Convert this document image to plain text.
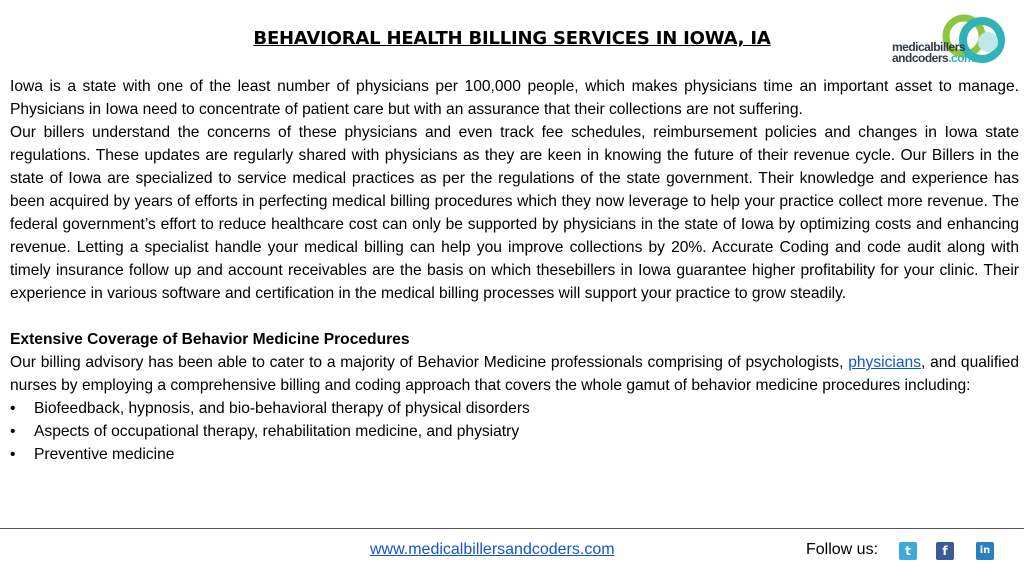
BEHAVIORAL HEALTH BILLING SERVICES IN IOWA, IA	medicalbillers
andcoders.com

Iowa is a state with one of the least number of physicians per 100,000 people, which makes physicians time an important asset to manage. Physicians in Iowa need to concentrate of patient care but with an assurance that their collections are not suffering.

Our billers understand the concerns of these physicians and even track fee schedules, reimbursement policies and changes in Iowa state regulations. These updates are regularly shared with physicians as they are keen in knowing the future of their revenue cycle. Our Billers in the state of Iowa are specialized to service medical practices as per the regulations of the state government. Their knowledge and experience has been acquired by years of efforts in perfecting medical billing procedures which they now leverage to help your practice collect more revenue. The federal government’s effort to reduce healthcare cost can only be supported by physicians in the state of Iowa by optimizing costs and enhancing revenue. Letting a specialist handle your medical billing can help you improve collections by 20%. Accurate Coding and code audit along with timely insurance follow up and account receivables are the basis on which thesebillers in Iowa guarantee higher profitability for your clinic. Their experience in various software and certification in the medical billing processes will support your practice to grow steadily.

Extensive Coverage of Behavior Medicine Procedures

Our billing advisory has been able to cater to a majority of Behavior Medicine professionals comprising of psychologists, physicians, and qualified nurses by employing a comprehensive billing and coding approach that covers the whole gamut of behavior medicine procedures including:

• Biofeedback, hypnosis, and bio-behavioral therapy of physical disorders
• Aspects of occupational therapy, rehabilitation medicine, and physiatry
• Preventive medicine
www.medicalbillersandcoders.com	Follow us:	t	f	in
